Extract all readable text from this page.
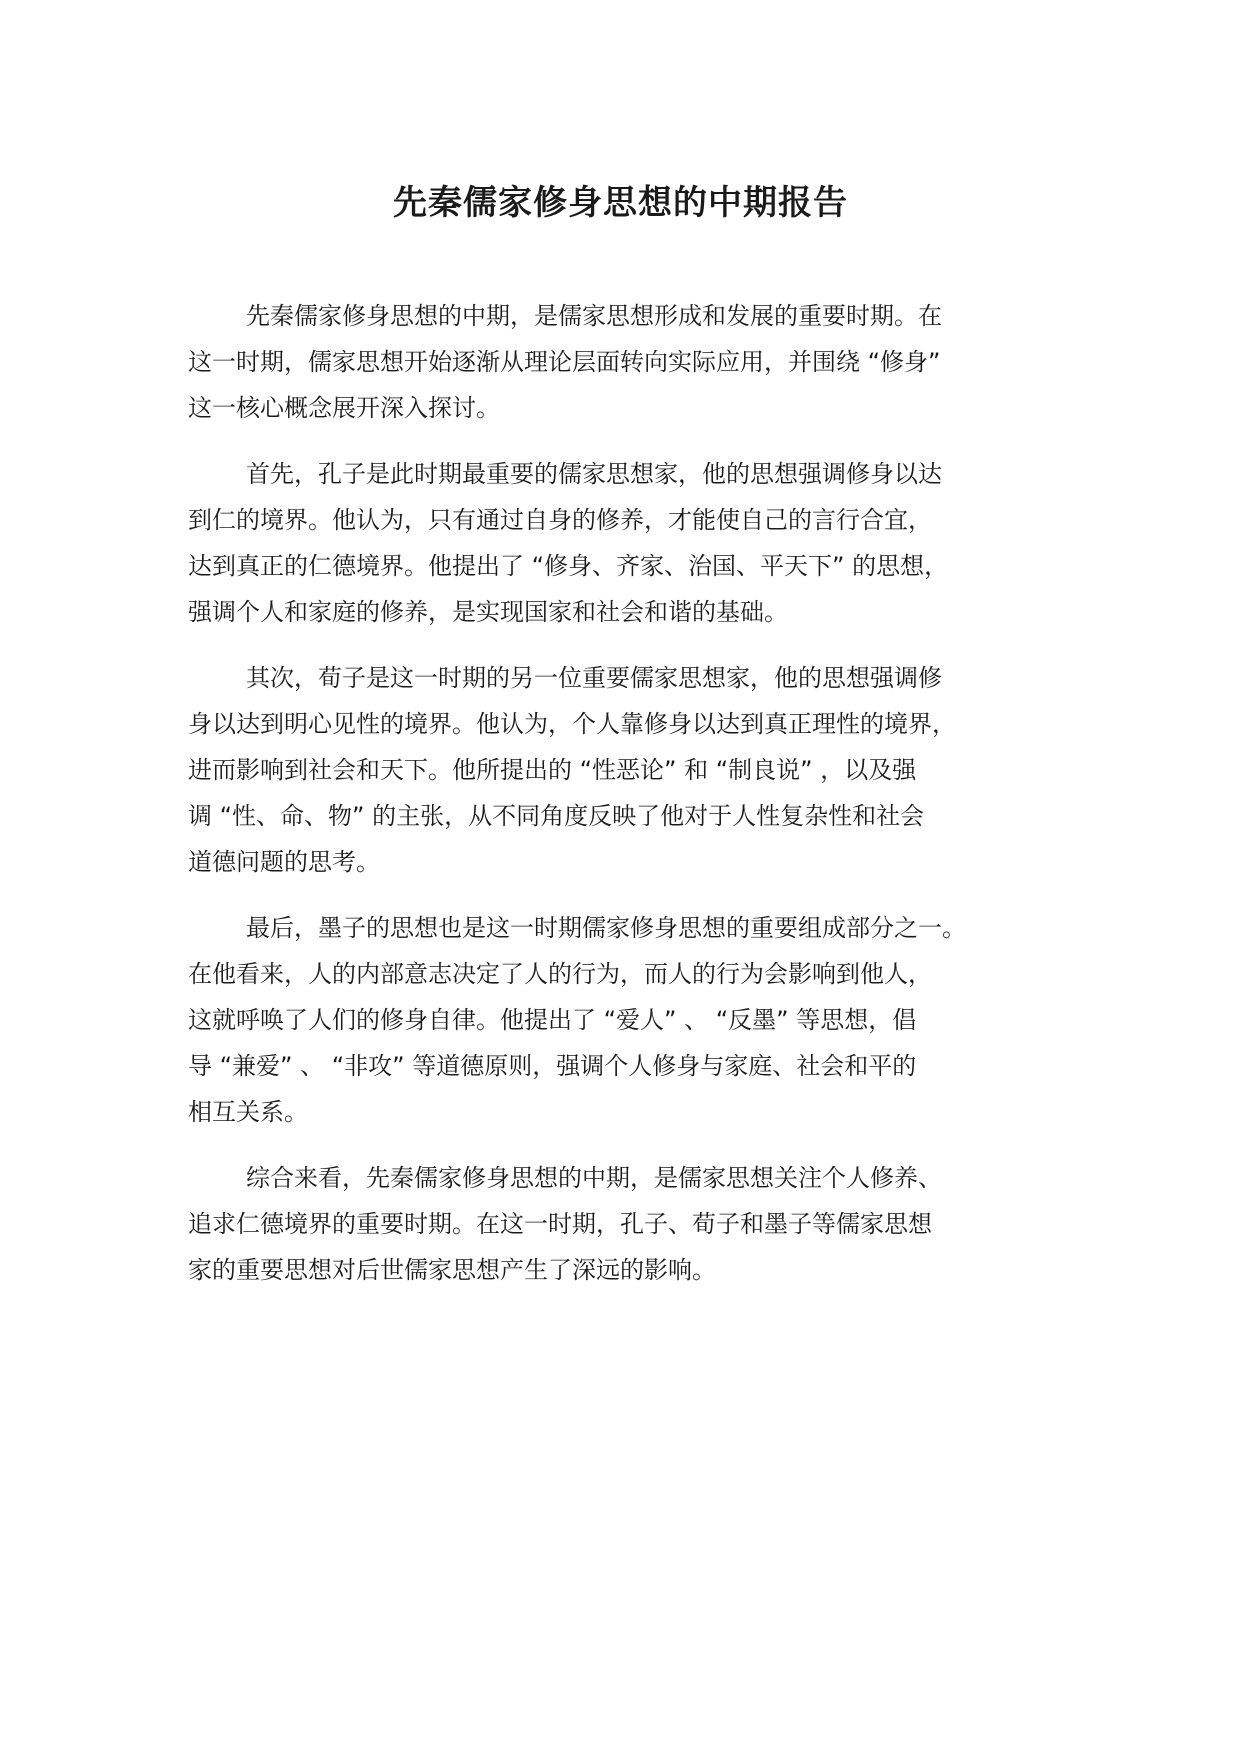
先秦儒家修身思想的中期报告
先秦儒家修身思想的中期，是儒家思想形成和发展的重要时期。在
这一时期，儒家思想开始逐渐从理论层面转向实际应用，并围绕 “修身”
这一核心概念展开深入探讨。
首先，孔子是此时期最重要的儒家思想家，他的思想强调修身以达
到仁的境界。他认为，只有通过自身的修养，才能使自己的言行合宜，
达到真正的仁德境界。他提出了 “修身、齐家、治国、平天下” 的思想，
强调个人和家庭的修养，是实现国家和社会和谐的基础。
其次，荀子是这一时期的另一位重要儒家思想家，他的思想强调修
身以达到明心见性的境界。他认为，个人靠修身以达到真正理性的境界，
进而影响到社会和天下。他所提出的 “性恶论” 和 “制良说” ，以及强
调 “性、命、物” 的主张，从不同角度反映了他对于人性复杂性和社会
道德问题的思考。
最后，墨子的思想也是这一时期儒家修身思想的重要组成部分之一。
在他看来，人的内部意志决定了人的行为，而人的行为会影响到他人，
这就呼唤了人们的修身自律。他提出了 “爱人” 、 “反墨” 等思想，倡
导 “兼爱” 、 “非攻” 等道德原则，强调个人修身与家庭、社会和平的
相互关系。
综合来看，先秦儒家修身思想的中期，是儒家思想关注个人修养、
追求仁德境界的重要时期。在这一时期，孔子、荀子和墨子等儒家思想
家的重要思想对后世儒家思想产生了深远的影响。
